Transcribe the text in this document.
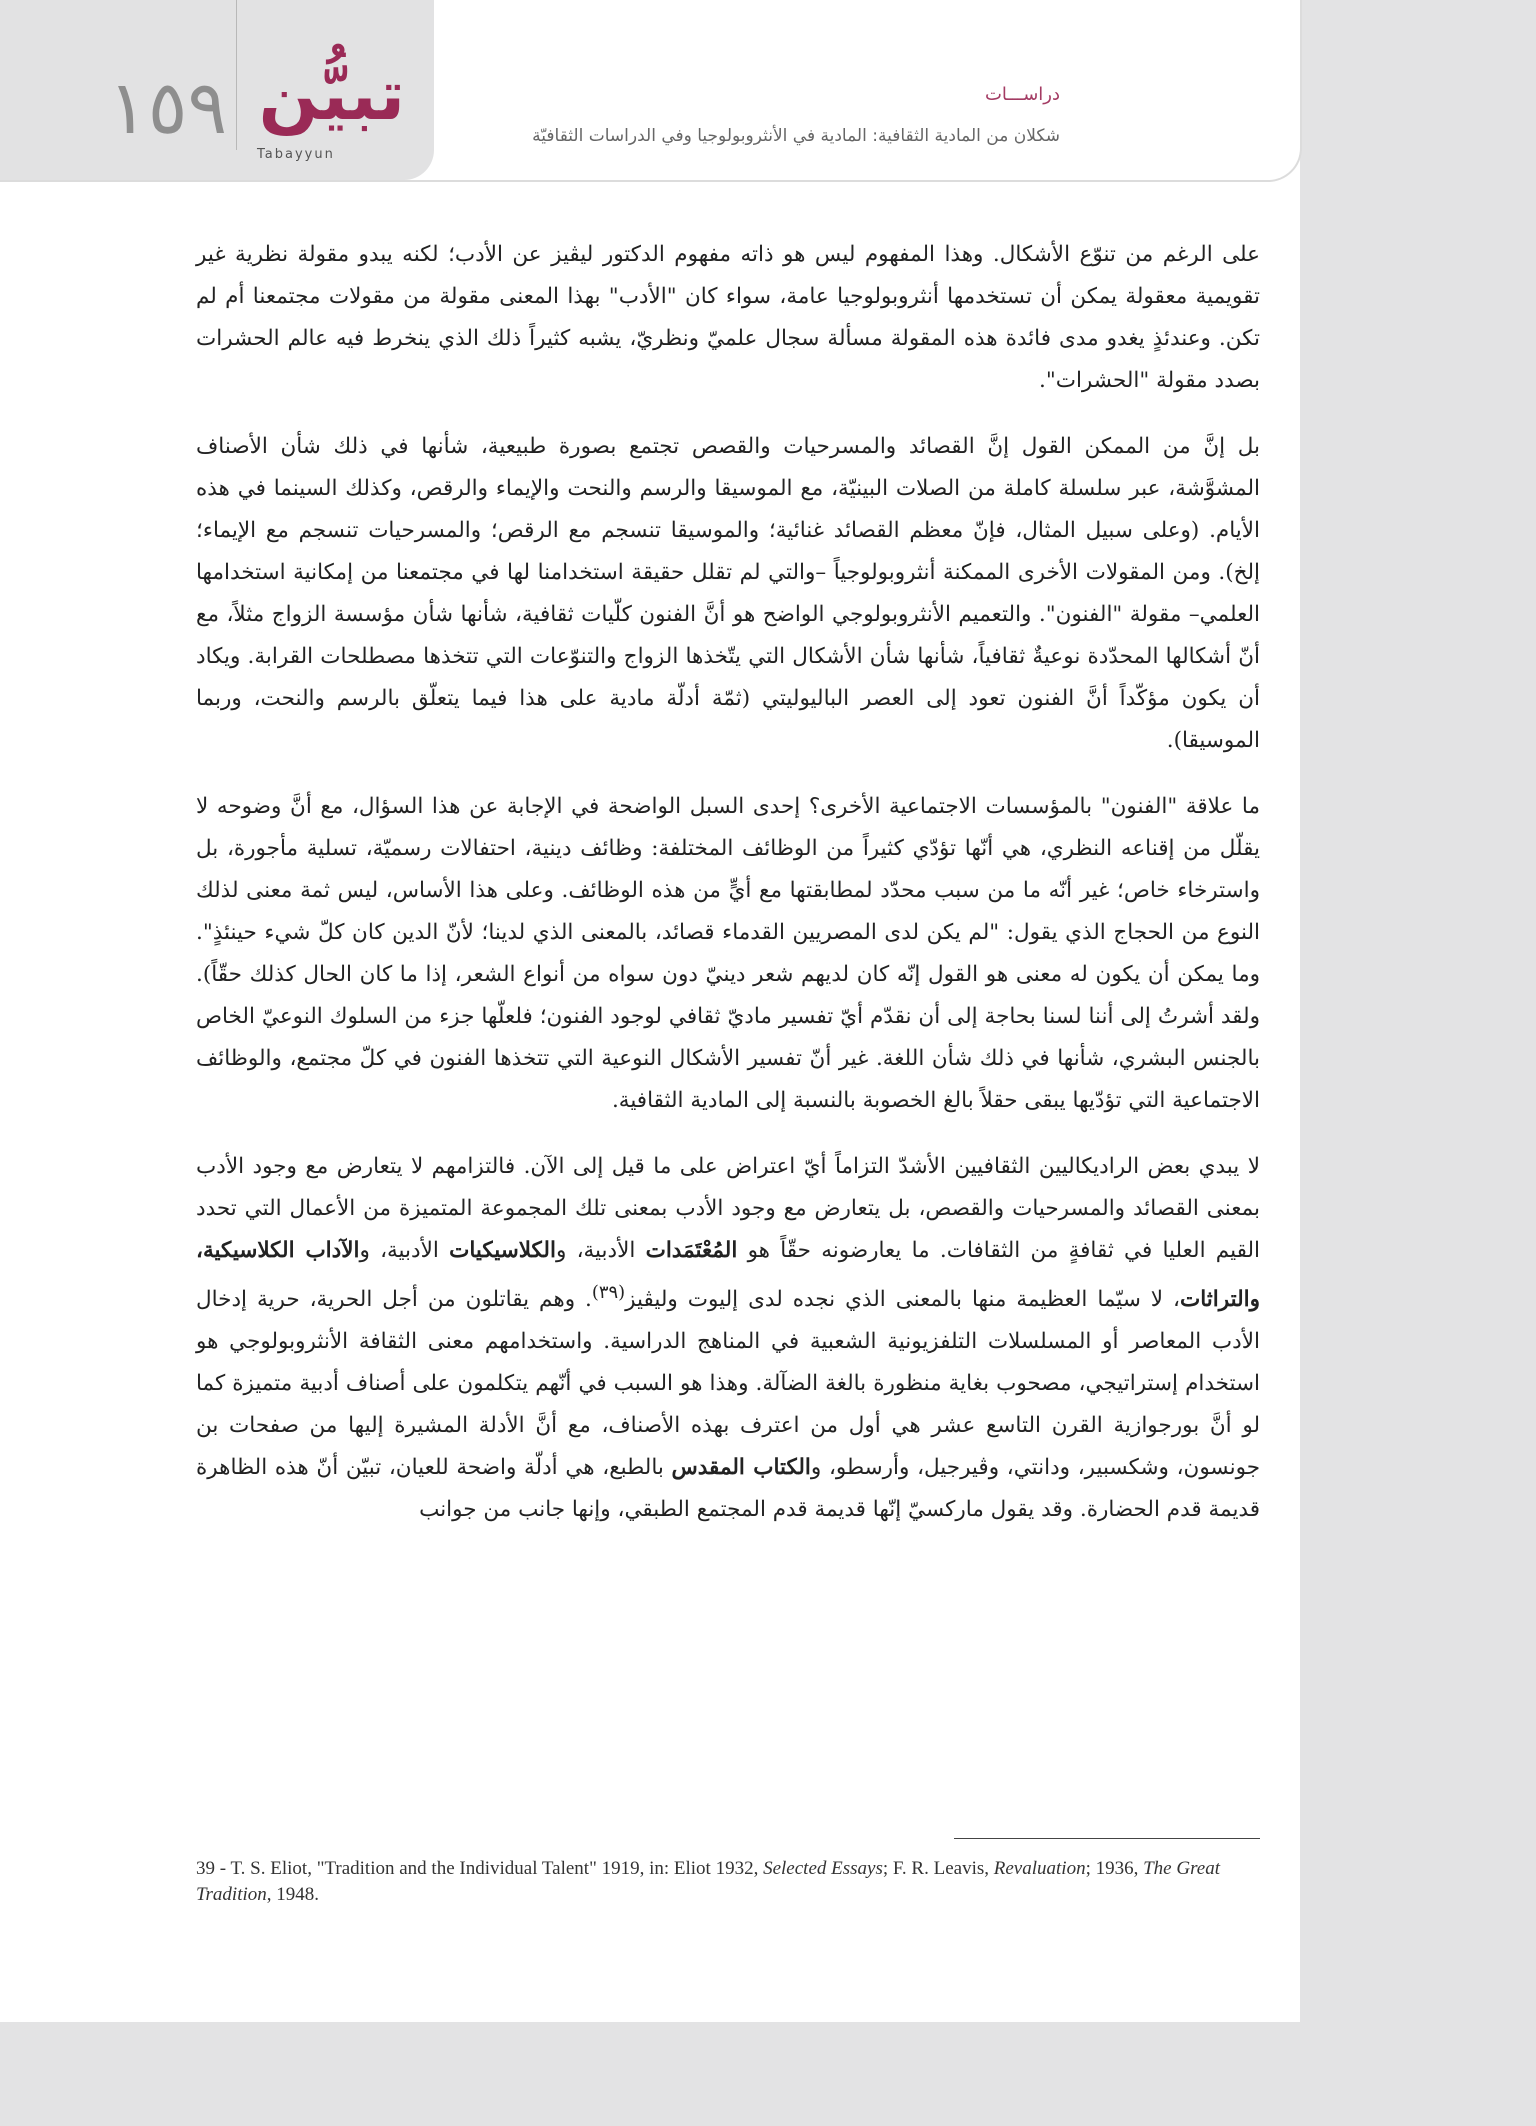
١٥٩ تبيُّن
Tabayyun
دراســـات
شكلان من المادية الثقافية: المادية في الأنثروبولوجيا وفي الدراسات الثقافيّة

على الرغم من تنوّع الأشكال. وهذا المفهوم ليس هو ذاته مفهوم الدكتور ليڤيز عن الأدب؛ لكنه يبدو مقولة نظرية غير تقويمية معقولة يمكن أن تستخدمها أنثروبولوجيا عامة، سواء كان "الأدب" بهذا المعنى مقولة من مقولات مجتمعنا أم لم تكن. وعندئذٍ يغدو مدى فائدة هذه المقولة مسألة سجال علميّ ونظريّ، يشبه كثيراً ذلك الذي ينخرط فيه عالم الحشرات بصدد مقولة "الحشرات".

بل إنَّ من الممكن القول إنَّ القصائد والمسرحيات والقصص تجتمع بصورة طبيعية، شأنها في ذلك شأن الأصناف المشوَّشة، عبر سلسلة كاملة من الصلات البينيّة، مع الموسيقا والرسم والنحت والإيماء والرقص، وكذلك السينما في هذه الأيام. (وعلى سبيل المثال، فإنّ معظم القصائد غنائية؛ والموسيقا تنسجم مع الرقص؛ والمسرحيات تنسجم مع الإيماء؛ إلخ). ومن المقولات الأخرى الممكنة أنثروبولوجياً –والتي لم تقلل حقيقة استخدامنا لها في مجتمعنا من إمكانية استخدامها العلمي– مقولة "الفنون". والتعميم الأنثروبولوجي الواضح هو أنَّ الفنون كلّيات ثقافية، شأنها شأن مؤسسة الزواج مثلاً، مع أنّ أشكالها المحدّدة نوعيةٌ ثقافياً، شأنها شأن الأشكال التي يتّخذها الزواج والتنوّعات التي تتخذها مصطلحات القرابة. ويكاد أن يكون مؤكّداً أنَّ الفنون تعود إلى العصر الباليوليتي (ثمّة أدلّة مادية على هذا فيما يتعلّق بالرسم والنحت، وربما الموسيقا).

ما علاقة "الفنون" بالمؤسسات الاجتماعية الأخرى؟ إحدى السبل الواضحة في الإجابة عن هذا السؤال، مع أنَّ وضوحه لا يقلّل من إقناعه النظري، هي أنّها تؤدّي كثيراً من الوظائف المختلفة: وظائف دينية، احتفالات رسميّة، تسلية مأجورة، بل واسترخاء خاص؛ غير أنّه ما من سبب محدّد لمطابقتها مع أيٍّ من هذه الوظائف. وعلى هذا الأساس، ليس ثمة معنى لذلك النوع من الحجاج الذي يقول: "لم يكن لدى المصريين القدماء قصائد، بالمعنى الذي لدينا؛ لأنّ الدين كان كلّ شيء حينئذٍ". وما يمكن أن يكون له معنى هو القول إنّه كان لديهم شعر دينيّ دون سواه من أنواع الشعر، إذا ما كان الحال كذلك حقّاً). ولقد أشرتُ إلى أننا لسنا بحاجة إلى أن نقدّم أيّ تفسير ماديّ ثقافي لوجود الفنون؛ فلعلّها جزء من السلوك النوعيّ الخاص بالجنس البشري، شأنها في ذلك شأن اللغة. غير أنّ تفسير الأشكال النوعية التي تتخذها الفنون في كلّ مجتمع، والوظائف الاجتماعية التي تؤدّيها يبقى حقلاً بالغ الخصوبة بالنسبة إلى المادية الثقافية.

لا يبدي بعض الراديكاليين الثقافيين الأشدّ التزاماً أيّ اعتراض على ما قيل إلى الآن. فالتزامهم لا يتعارض مع وجود الأدب بمعنى القصائد والمسرحيات والقصص، بل يتعارض مع وجود الأدب بمعنى تلك المجموعة المتميزة من الأعمال التي تحدد القيم العليا في ثقافةٍ من الثقافات. ما يعارضونه حقّاً هو المُعْتَمَدات الأدبية، والكلاسيكيات الأدبية، والآداب الكلاسيكية، والتراثات، لا سيّما العظيمة منها بالمعنى الذي نجده لدى إليوت وليڤيز$^{(٣٩)}$. وهم يقاتلون من أجل الحرية، حرية إدخال الأدب المعاصر أو المسلسلات التلفزيونية الشعبية في المناهج الدراسية. واستخدامهم معنى الثقافة الأنثروبولوجي هو استخدام إستراتيجي، مصحوب بغاية منظورة بالغة الضآلة. وهذا هو السبب في أنّهم يتكلمون على أصناف أدبية متميزة كما لو أنَّ بورجوازية القرن التاسع عشر هي أول من اعترف بهذه الأصناف، مع أنَّ الأدلة المشيرة إليها من صفحات بن جونسون، وشكسبير، ودانتي، وڤيرجيل، وأرسطو، والكتاب المقدس بالطبع، هي أدلّة واضحة للعيان، تبيّن أنّ هذه الظاهرة قديمة قدم الحضارة. وقد يقول ماركسيّ إنّها قديمة قدم المجتمع الطبقي، وإنها جانب من جوانب

39 - T. S. Eliot, "Tradition and the Individual Talent" 1919, in: Eliot 1932, Selected Essays; F. R. Leavis, Revaluation; 1936, The Great Tradition, 1948.
